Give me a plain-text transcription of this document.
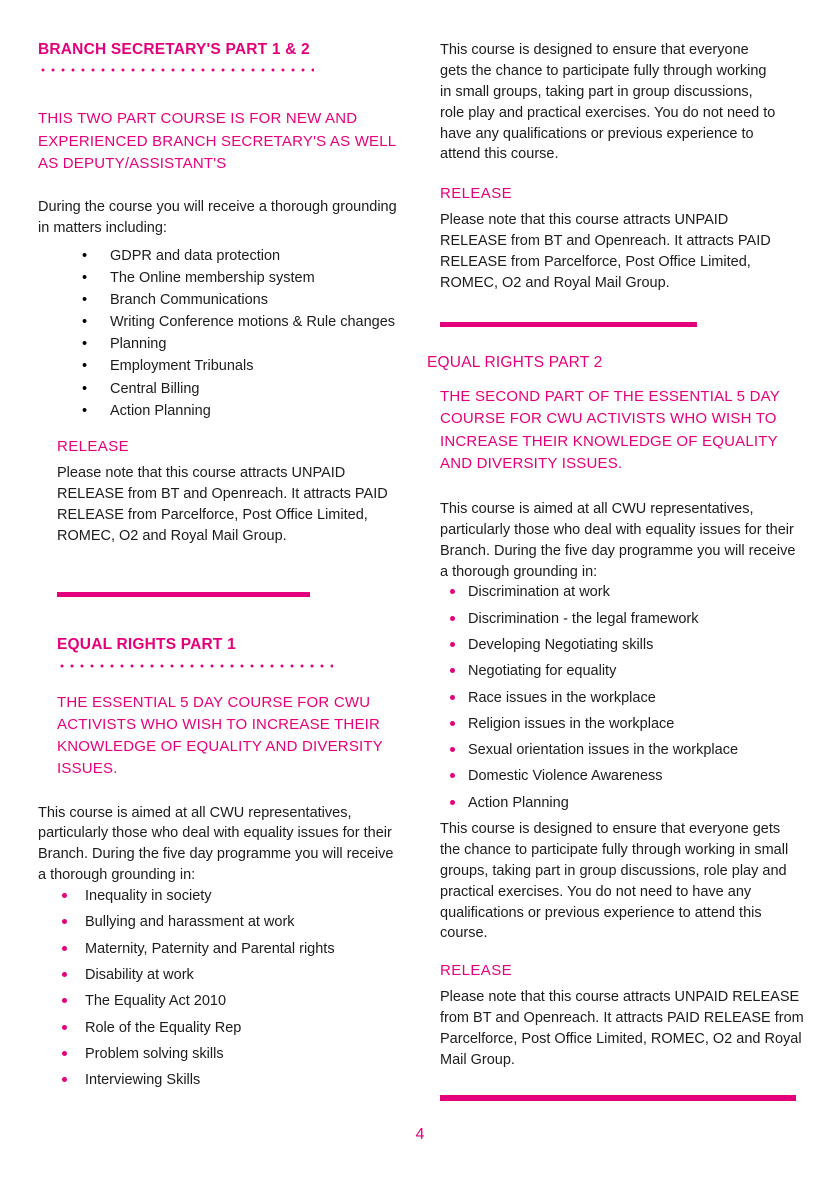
BRANCH SECRETARY'S PART 1 & 2

THIS TWO PART COURSE IS FOR NEW AND EXPERIENCED BRANCH SECRETARY'S AS WELL AS DEPUTY/ASSISTANT'S

During the course you will receive a thorough grounding in matters including:

• GDPR and data protection
• The Online membership system
• Branch Communications
• Writing Conference motions & Rule changes
• Planning
• Employment Tribunals
• Central Billing
• Action Planning

RELEASE

Please note that this course attracts UNPAID RELEASE from BT and Openreach. It attracts PAID RELEASE from Parcelforce, Post Office Limited, ROMEC, O2 and Royal Mail Group.

EQUAL RIGHTS PART 1

THE ESSENTIAL 5 DAY COURSE FOR CWU ACTIVISTS WHO WISH TO INCREASE THEIR KNOWLEDGE OF EQUALITY AND DIVERSITY ISSUES.

This course is aimed at all CWU representatives, particularly those who deal with equality issues for their Branch. During the five day programme you will receive a thorough grounding in:

Inequality in society
Bullying and harassment at work
Maternity, Paternity and Parental rights
Disability at work
The Equality Act 2010
Role of the Equality Rep
Problem solving skills
Interviewing Skills

This course is designed to ensure that everyone gets the chance to participate fully through working in small groups, taking part in group discussions, role play and practical exercises. You do not need to have any qualifications or previous experience to attend this course.

RELEASE

Please note that this course attracts UNPAID RELEASE from BT and Openreach. It attracts PAID RELEASE from Parcelforce, Post Office Limited, ROMEC, O2 and Royal Mail Group.

EQUAL RIGHTS PART 2

THE SECOND PART OF THE ESSENTIAL 5 DAY COURSE FOR CWU ACTIVISTS WHO WISH TO INCREASE THEIR KNOWLEDGE OF EQUALITY AND DIVERSITY ISSUES.

This course is aimed at all CWU representatives, particularly those who deal with equality issues for their Branch. During the five day programme you will receive a thorough grounding in:

Discrimination at work
Discrimination - the legal framework
Developing Negotiating skills
Negotiating for equality
Race issues in the workplace
Religion issues in the workplace
Sexual orientation issues in the workplace
Domestic Violence Awareness
Action Planning

This course is designed to ensure that everyone gets the chance to participate fully through working in small groups, taking part in group discussions, role play and practical exercises. You do not need to have any qualifications or previous experience to attend this course.

RELEASE

Please note that this course attracts UNPAID RELEASE from BT and Openreach. It attracts PAID RELEASE from Parcelforce, Post Office Limited, ROMEC, O2 and Royal Mail Group.

4
